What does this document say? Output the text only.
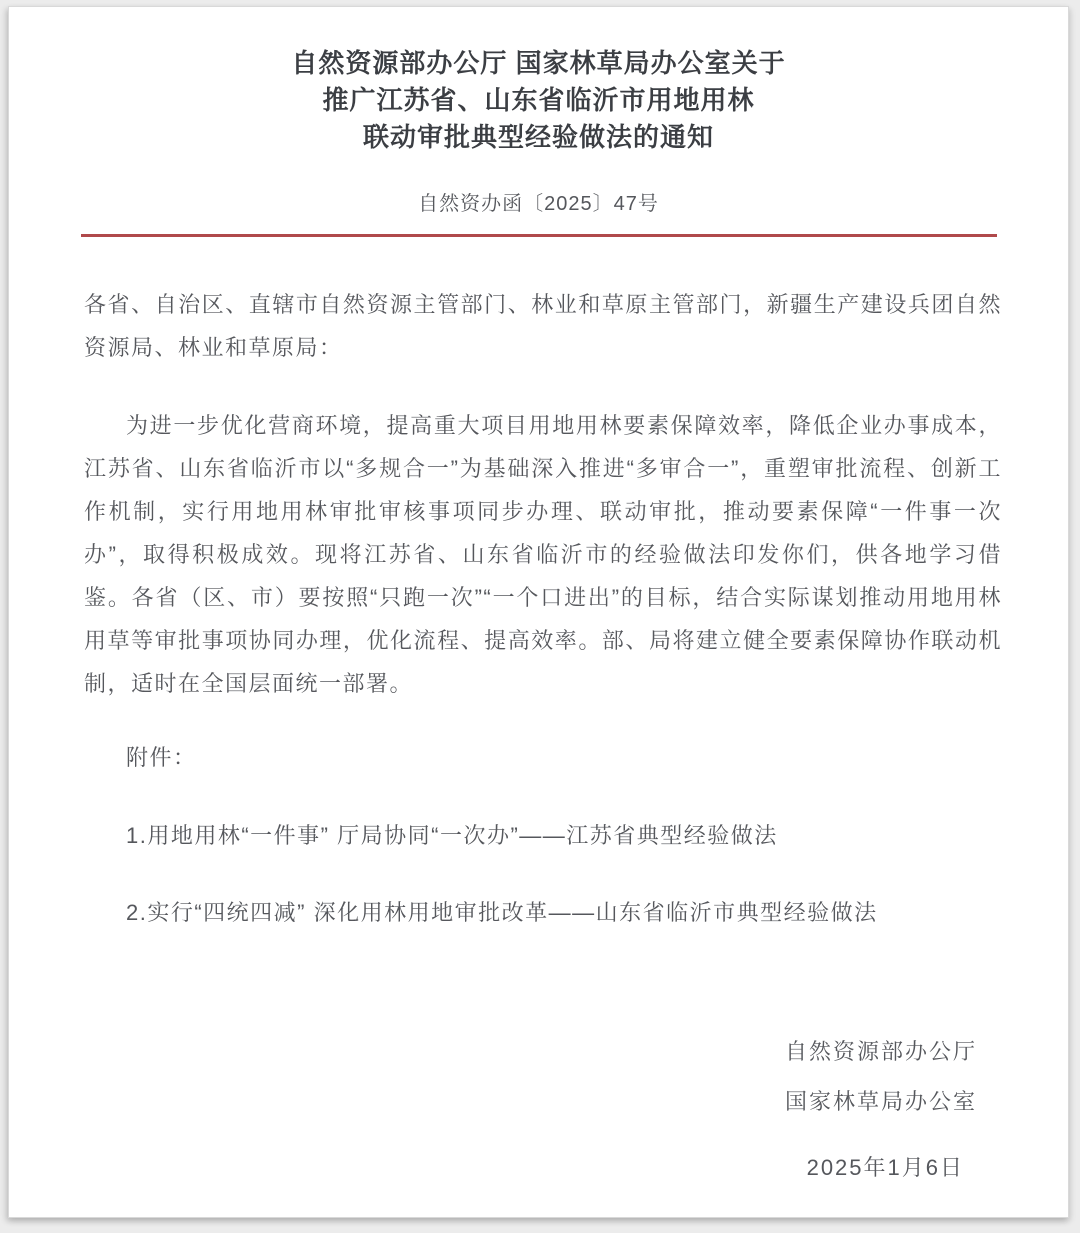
自然资源部办公厅 国家林草局办公室关于
推广江苏省、山东省临沂市用地用林
联动审批典型经验做法的通知
自然资办函〔2025〕47号

各省、自治区、直辖市自然资源主管部门、林业和草原主管部门，新疆生产建设兵团自然资源局、林业和草原局：

为进一步优化营商环境，提高重大项目用地用林要素保障效率，降低企业办事成本，江苏省、山东省临沂市以“多规合一”为基础深入推进“多审合一”，重塑审批流程、创新工作机制，实行用地用林审批审核事项同步办理、联动审批，推动要素保障“一件事一次办”，取得积极成效。现将江苏省、山东省临沂市的经验做法印发你们，供各地学习借鉴。各省（区、市）要按照“只跑一次”“一个口进出”的目标，结合实际谋划推动用地用林用草等审批事项协同办理，优化流程、提高效率。部、局将建立健全要素保障协作联动机制，适时在全国层面统一部署。

附件：

1.用地用林“一件事” 厅局协同“一次办”——江苏省典型经验做法

2.实行“四统四减” 深化用林用地审批改革——山东省临沂市典型经验做法

自然资源部办公厅

国家林草局办公室

2025年1月6日
